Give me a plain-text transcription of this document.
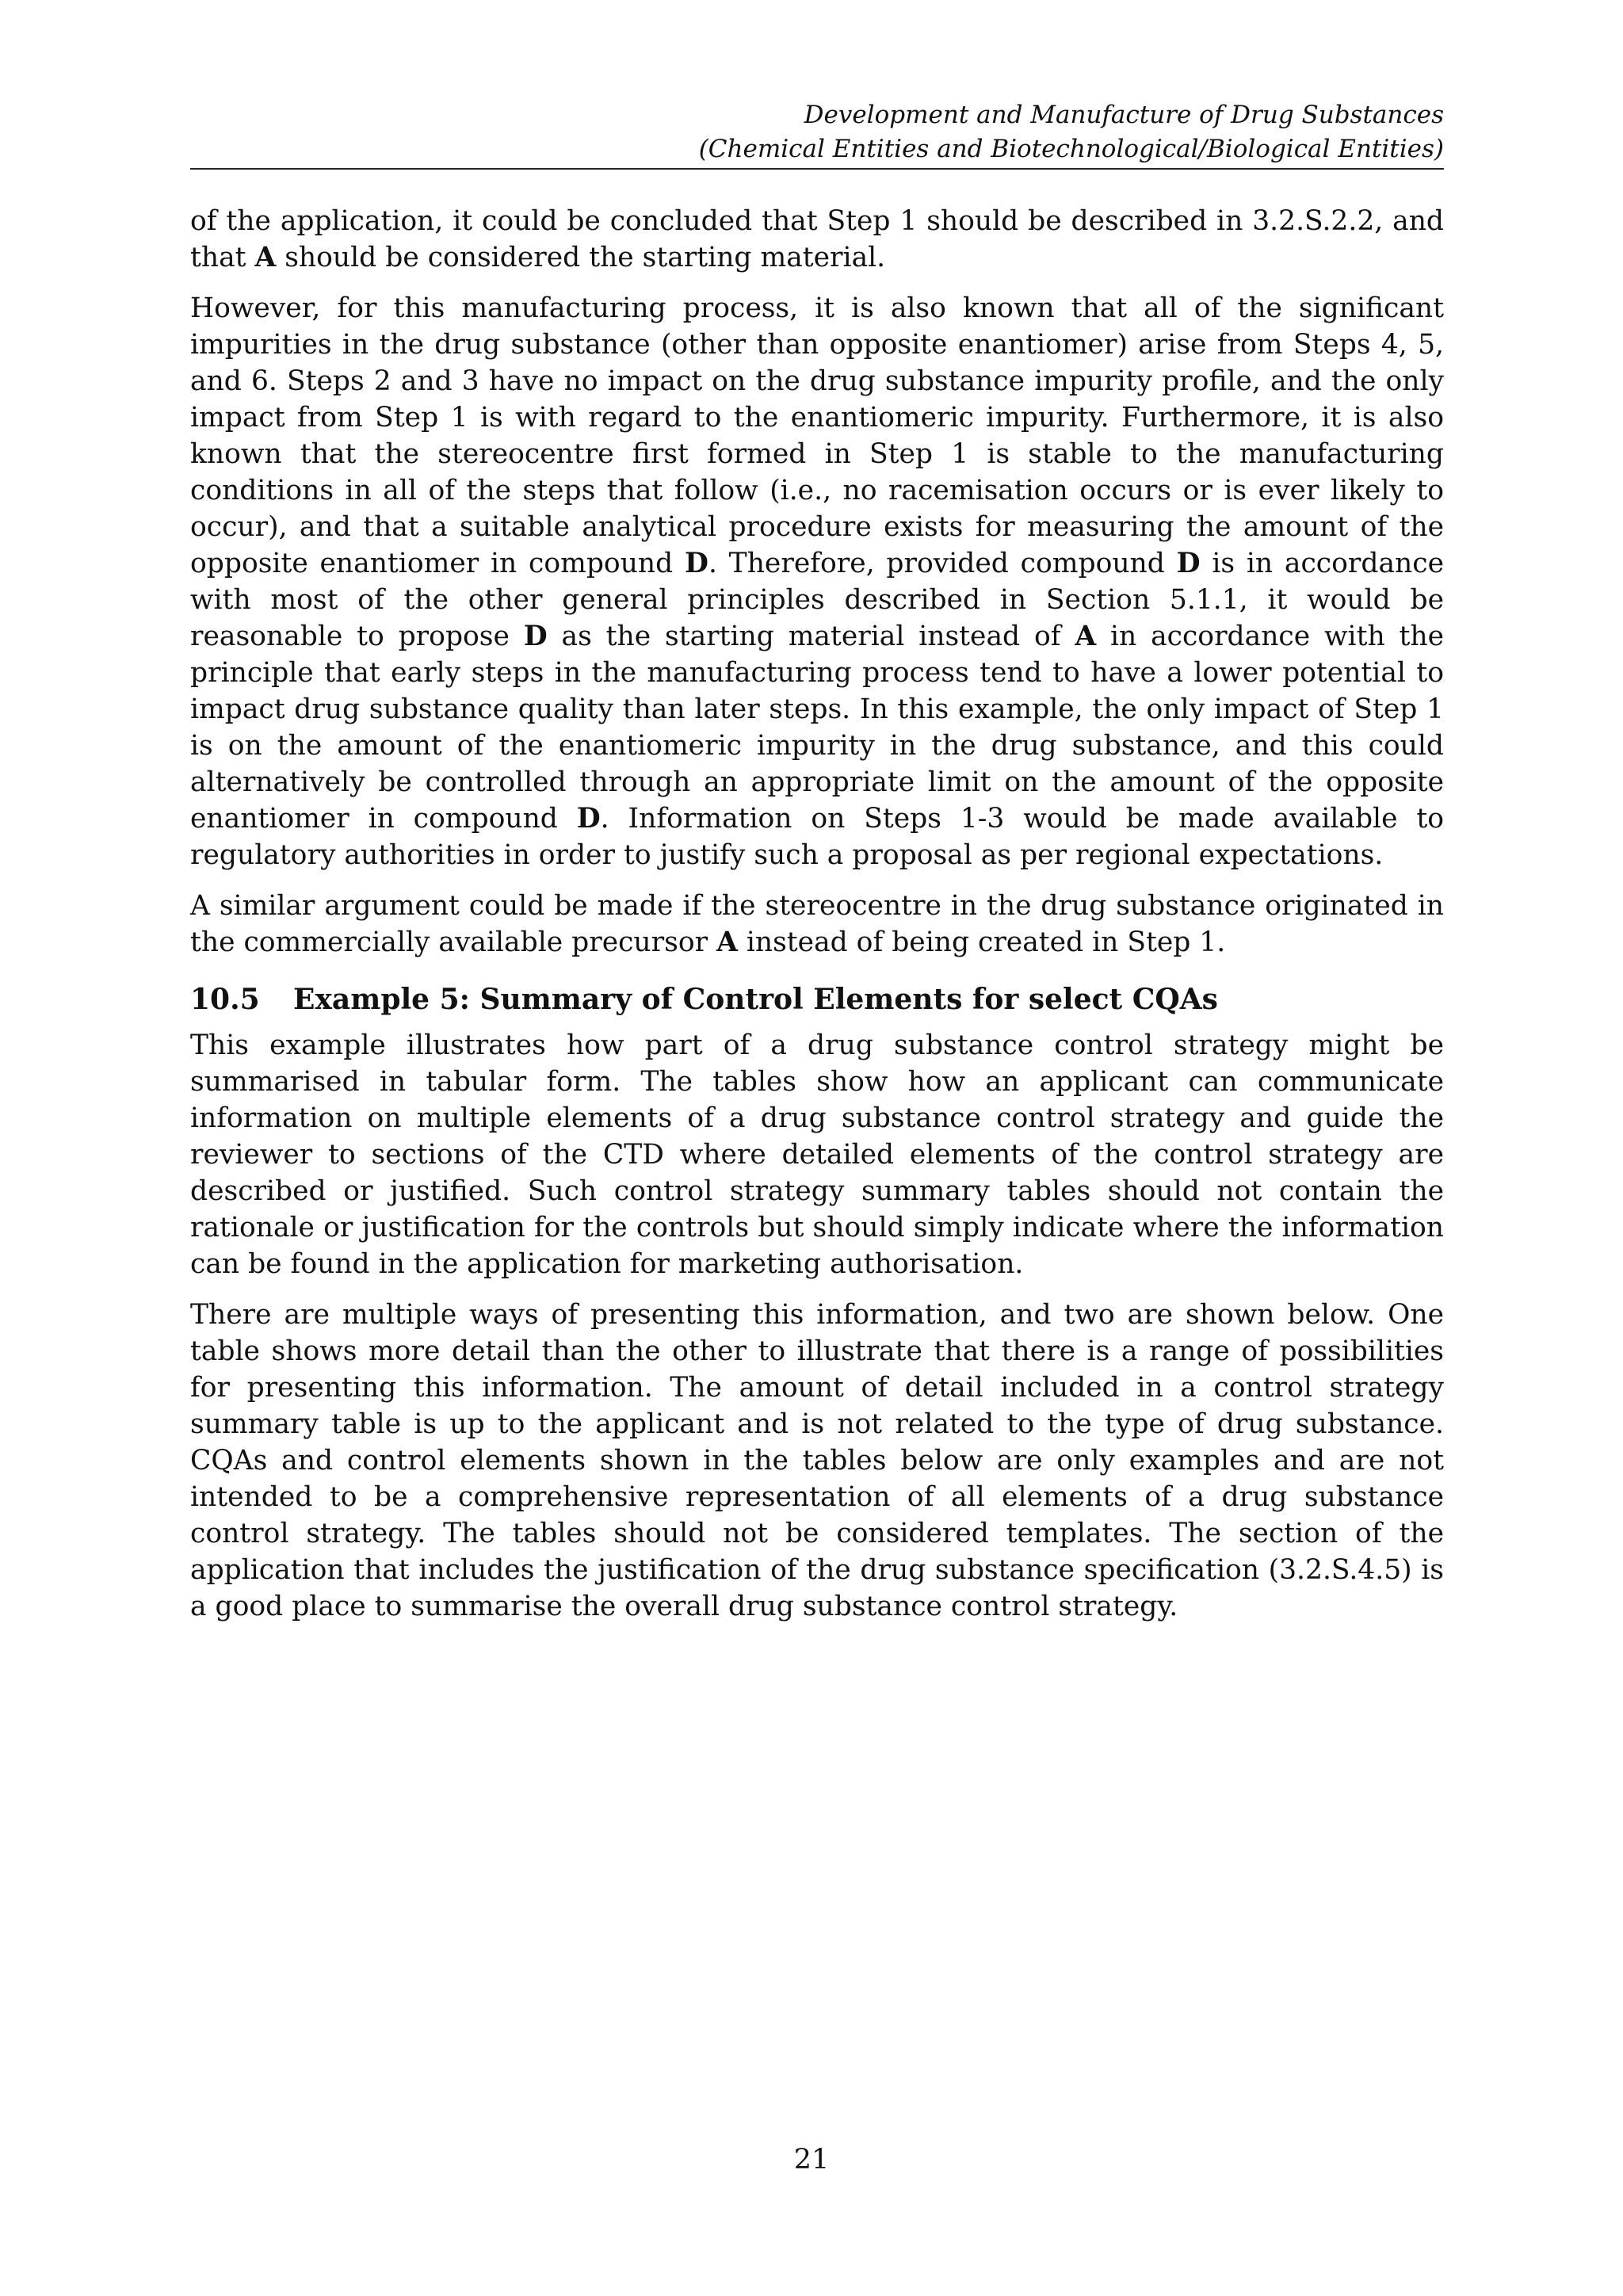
Development and Manufacture of Drug Substances
(Chemical Entities and Biotechnological/Biological Entities)

of the application, it could be concluded that Step 1 should be described in 3.2.S.2.2, and that A should be considered the starting material.

However, for this manufacturing process, it is also known that all of the significant impurities in the drug substance (other than opposite enantiomer) arise from Steps 4, 5, and 6. Steps 2 and 3 have no impact on the drug substance impurity profile, and the only impact from Step 1 is with regard to the enantiomeric impurity. Furthermore, it is also known that the stereocentre first formed in Step 1 is stable to the manufacturing conditions in all of the steps that follow (i.e., no racemisation occurs or is ever likely to occur), and that a suitable analytical procedure exists for measuring the amount of the opposite enantiomer in compound D. Therefore, provided compound D is in accordance with most of the other general principles described in Section 5.1.1, it would be reasonable to propose D as the starting material instead of A in accordance with the principle that early steps in the manufacturing process tend to have a lower potential to impact drug substance quality than later steps. In this example, the only impact of Step 1 is on the amount of the enantiomeric impurity in the drug substance, and this could alternatively be controlled through an appropriate limit on the amount of the opposite enantiomer in compound D. Information on Steps 1-3 would be made available to regulatory authorities in order to justify such a proposal as per regional expectations.

A similar argument could be made if the stereocentre in the drug substance originated in the commercially available precursor A instead of being created in Step 1.

10.5 Example 5: Summary of Control Elements for select CQAs

This example illustrates how part of a drug substance control strategy might be summarised in tabular form. The tables show how an applicant can communicate information on multiple elements of a drug substance control strategy and guide the reviewer to sections of the CTD where detailed elements of the control strategy are described or justified. Such control strategy summary tables should not contain the rationale or justification for the controls but should simply indicate where the information can be found in the application for marketing authorisation.

There are multiple ways of presenting this information, and two are shown below. One table shows more detail than the other to illustrate that there is a range of possibilities for presenting this information. The amount of detail included in a control strategy summary table is up to the applicant and is not related to the type of drug substance. CQAs and control elements shown in the tables below are only examples and are not intended to be a comprehensive representation of all elements of a drug substance control strategy. The tables should not be considered templates. The section of the application that includes the justification of the drug substance specification (3.2.S.4.5) is a good place to summarise the overall drug substance control strategy.

21
